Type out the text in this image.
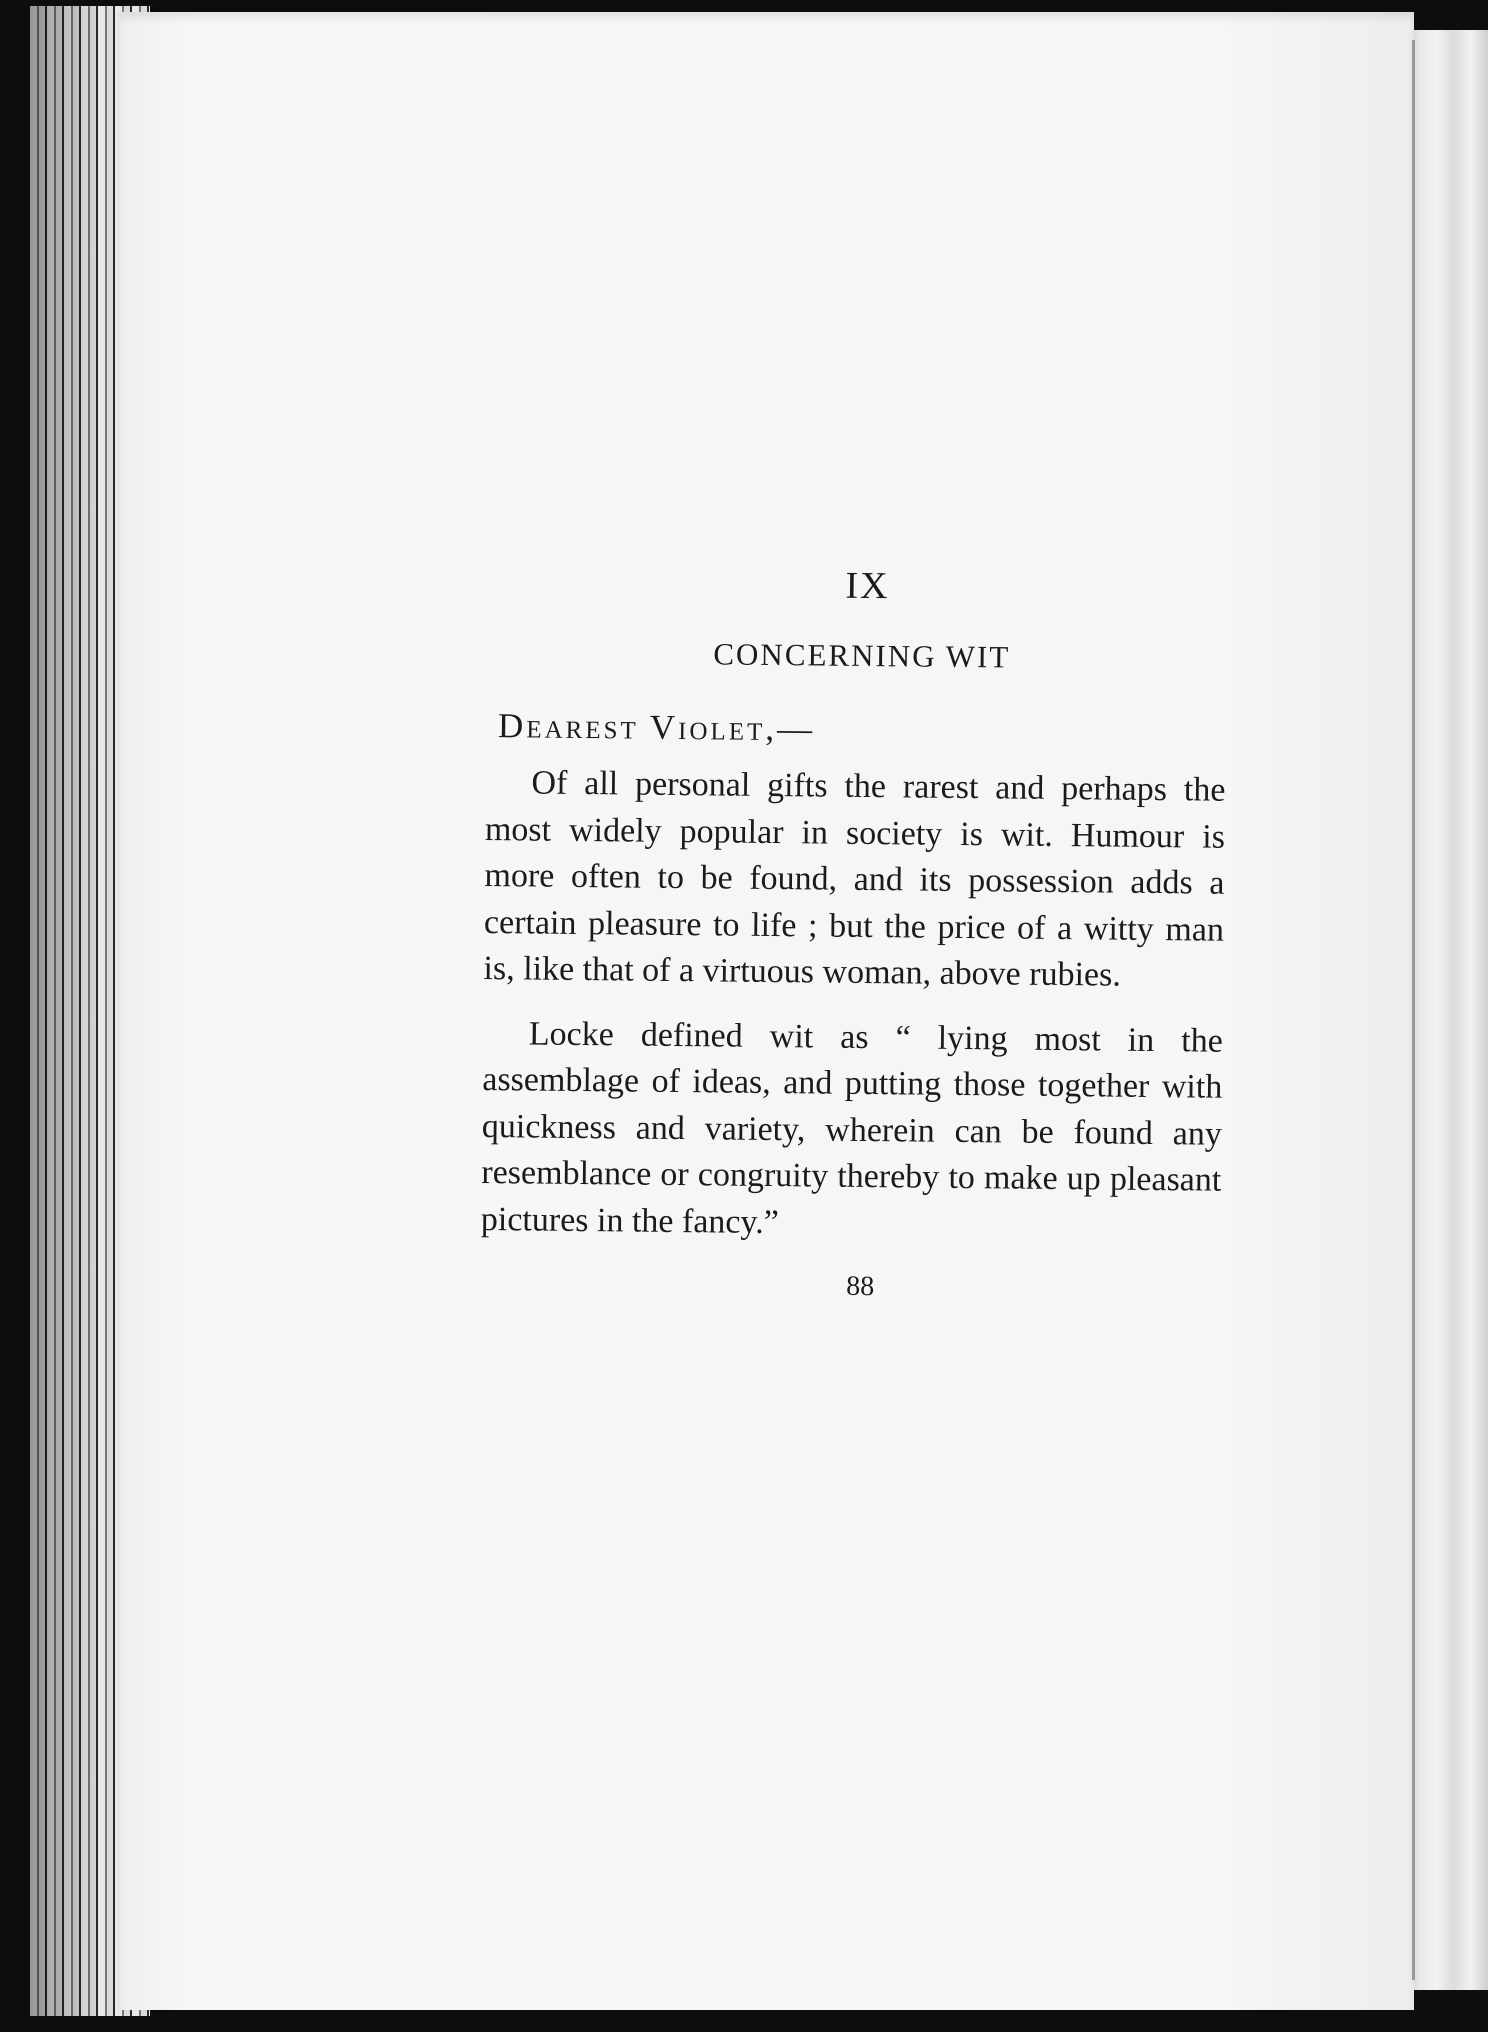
IX
CONCERNING WIT
Dearest Violet,—

Of all personal gifts the rarest and perhaps the most widely popular in society is wit. Humour is more often to be found, and its possession adds a certain pleasure to life ; but the price of a witty man is, like that of a virtuous woman, above rubies.

Locke defined wit as “ lying most in the assemblage of ideas, and putting those together with quickness and variety, wherein can be found any resemblance or congruity thereby to make up pleasant pictures in the fancy.”

88
